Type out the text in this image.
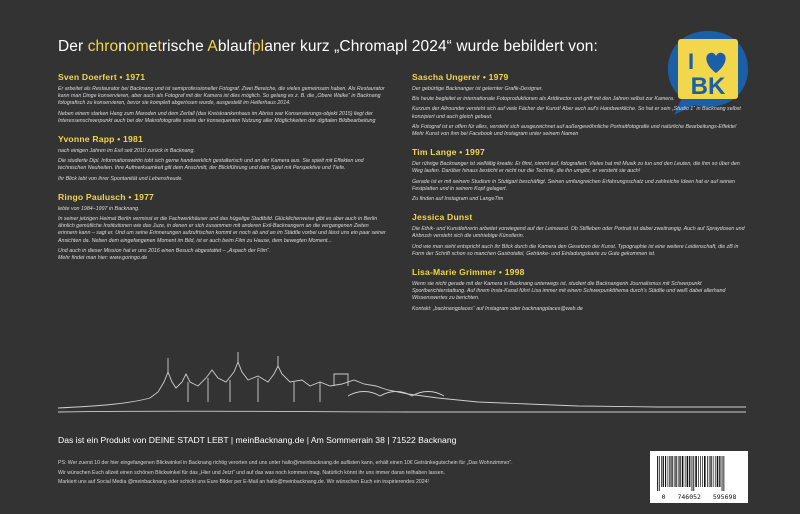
Der chronometrische Ablaufplaner kurz „Chromapl 2024“ wurde bebildert von:
I
BK
Sven Doerfert • 1971

Er arbeitet als Restaurator bei Backnang und ist semiprofessioneller Fotograf. Zwei Bereiche, die vieles gemeinsam haben. Als Restaurator kann man Dinge konservieren, aber auch als Fotograf mit der Kamera ist dies möglich. So gelang es z. B. die „Obere Walke“ in Backnang fotografisch zu konservieren, bevor sie komplett abgerissen wurde, ausgestellt im Helferhaus 2014.

Neben einem starken Hang zum Maroden und dem Zerfall (das Kreiskrankenhaus im Abriss war Konservierungs-objekt 2015) liegt der Interessenschwerpunkt auch bei der Makrofotografie sowie der konsequenten Nutzung aller Möglichkeiten der digitalen Bildbearbeitung

Yvonne Rapp • 1981

nach einigen Jahren im Exil seit 2010 zurück in Backnang.

Die studierte Dipl. Informationswirtin tobt sich gerne handwerklich gestalterisch und an der Kamera aus. Sie spielt mit Effekten und technischen Neuheiten. Ihre Aufmerksamkeit gilt dem Anschnitt, der Blickführung und dem Spiel mit Perspektive und Tiefe.

Ihr Blick lebt von ihrer Spontanität und Lebensfreude.

Ringo Paulusch • 1977

lebte von 1984–1997 in Backnang.

In seiner jetzigen Heimat Berlin vermisst er die Fachwerkhäuser und das hügelige Stadtbild. Glücklicherweise gibt es aber auch in Berlin ähnlich gemütliche Institutionen wie das Juze, in denen er sich zusammen mit anderen Exil-Backnangern an die vergangenen Zeiten erinnern kann – sagt er. Und um seine Erinnerungen aufzufrischen kommt er noch ab und an im Städtle vorbei und lässt uns ein paar seiner Ansichten da. Neben dem eingefangenen Moment im Bild, ist er auch beim Film zu Hause, dem bewegten Moment...

Und auch in dieser Mission hat er uns 2016 einen Besuch abgestattet – „Aspach der Film“.
Mehr findet man hier: www.goringo.de

Sascha Ungerer • 1979

Der gebürtige Backnanger ist gelernter Grafik-Designer.

Bis heute begleitet er internationale Fotoproduktionen als Artdirector und griff mit den Jahren selbst zur Kamera.

Kurzum der Allrounder versteht sich auf viele Fächer der Kunst! Aber auch auf's Handwerkliche. So hat er sein „Studio 1“ in Backnang selbst konzipiert und auch gleich gebaut.

Als Fotograf ist er offen für alles, versteht sich ausgezeichnet auf außergewöhnliche Portraitfotografie und natürliche Bearbeitungs-Effekte! Mehr Kunst von ihm bei Facebook und Instagram unter seinem Namen

Tim Lange • 1997

Der rührige Backnanger ist vielfältig kreativ. Er filmt, nimmt auf, fotografiert. Vieles hat mit Musik zu tun und den Leuten, die ihm so über den Weg laufen. Darüber hinaus besticht er nicht nur die Technik, die ihn umgibt, er versteht sie auch!

Gerade ist er mit seinem Studium in Stuttgart beschäftigt. Seinen umfangreichen Erfahrungsschatz und zahlreiche Ideen hat er auf seinen Festplatten und in seinem Kopf gelagert.

Zu finden auf Instagram und LangeTim

Jessica Dunst

Die Ethik- und Kunstlehrerin arbeitet vorwiegend auf der Leinwand. Ob Stillleben oder Portrait ist dabei zweitrangig. Auch auf Spraydosen und Airbrush versteht sich die umtriebige Künstlerin.

Und wie man sieht entspricht auch ihr Blick durch die Kamera den Gesetzen der Kunst. Typographie ist eine weitere Leidenschaft, die zB in Form der Schrift schon so manchen Gastrotafel, Getränke- und Einladungskarte zu Gute gekommen ist.

Lisa-Marie Grimmer • 1998

Wenn sie nicht gerade mit der Kamera in Backnang unterwegs ist, studiert die Backnangerin Journalismus mit Schwerpunkt Sportberichterstattung. Auf ihrem Insta-Kanal führt Lisa immer mit einem Schwerpunktthema durch's Städtle und weiß dabei allerhand Wissenswertes zu berichten.

Kontakt: „backnangplaces“ auf Instagram oder backnangplaces@web.de

Das ist ein Produkt von DEINE STADT LEBT | meinBacknang.de | Am Sommerrain 38 | 71522 Backnang

PS: Wer zuerst 10 der hier eingefangenen Blickwinkel in Backnang richtig verorten und uns unter hallo@meinbacknang.de auflisten kann, erhält einen 10€ Getränkegutschein für „Das Wohnzimmer“.

Wir wünschen Euch allzeit einen schönen Blickwinkel für das „Hier und Jetzt“ und auf das was noch kommen mag. Natürlich könnt ihr uns immer daran teilhaben lassen.

Markiert uns auf Social Media @meinbacknang oder schickt uns Eure Bilder per E-Mail an hallo@meinbacknang.de. Wir wünschen Euch ein inspirierendes 2024!

0 746052 595698
